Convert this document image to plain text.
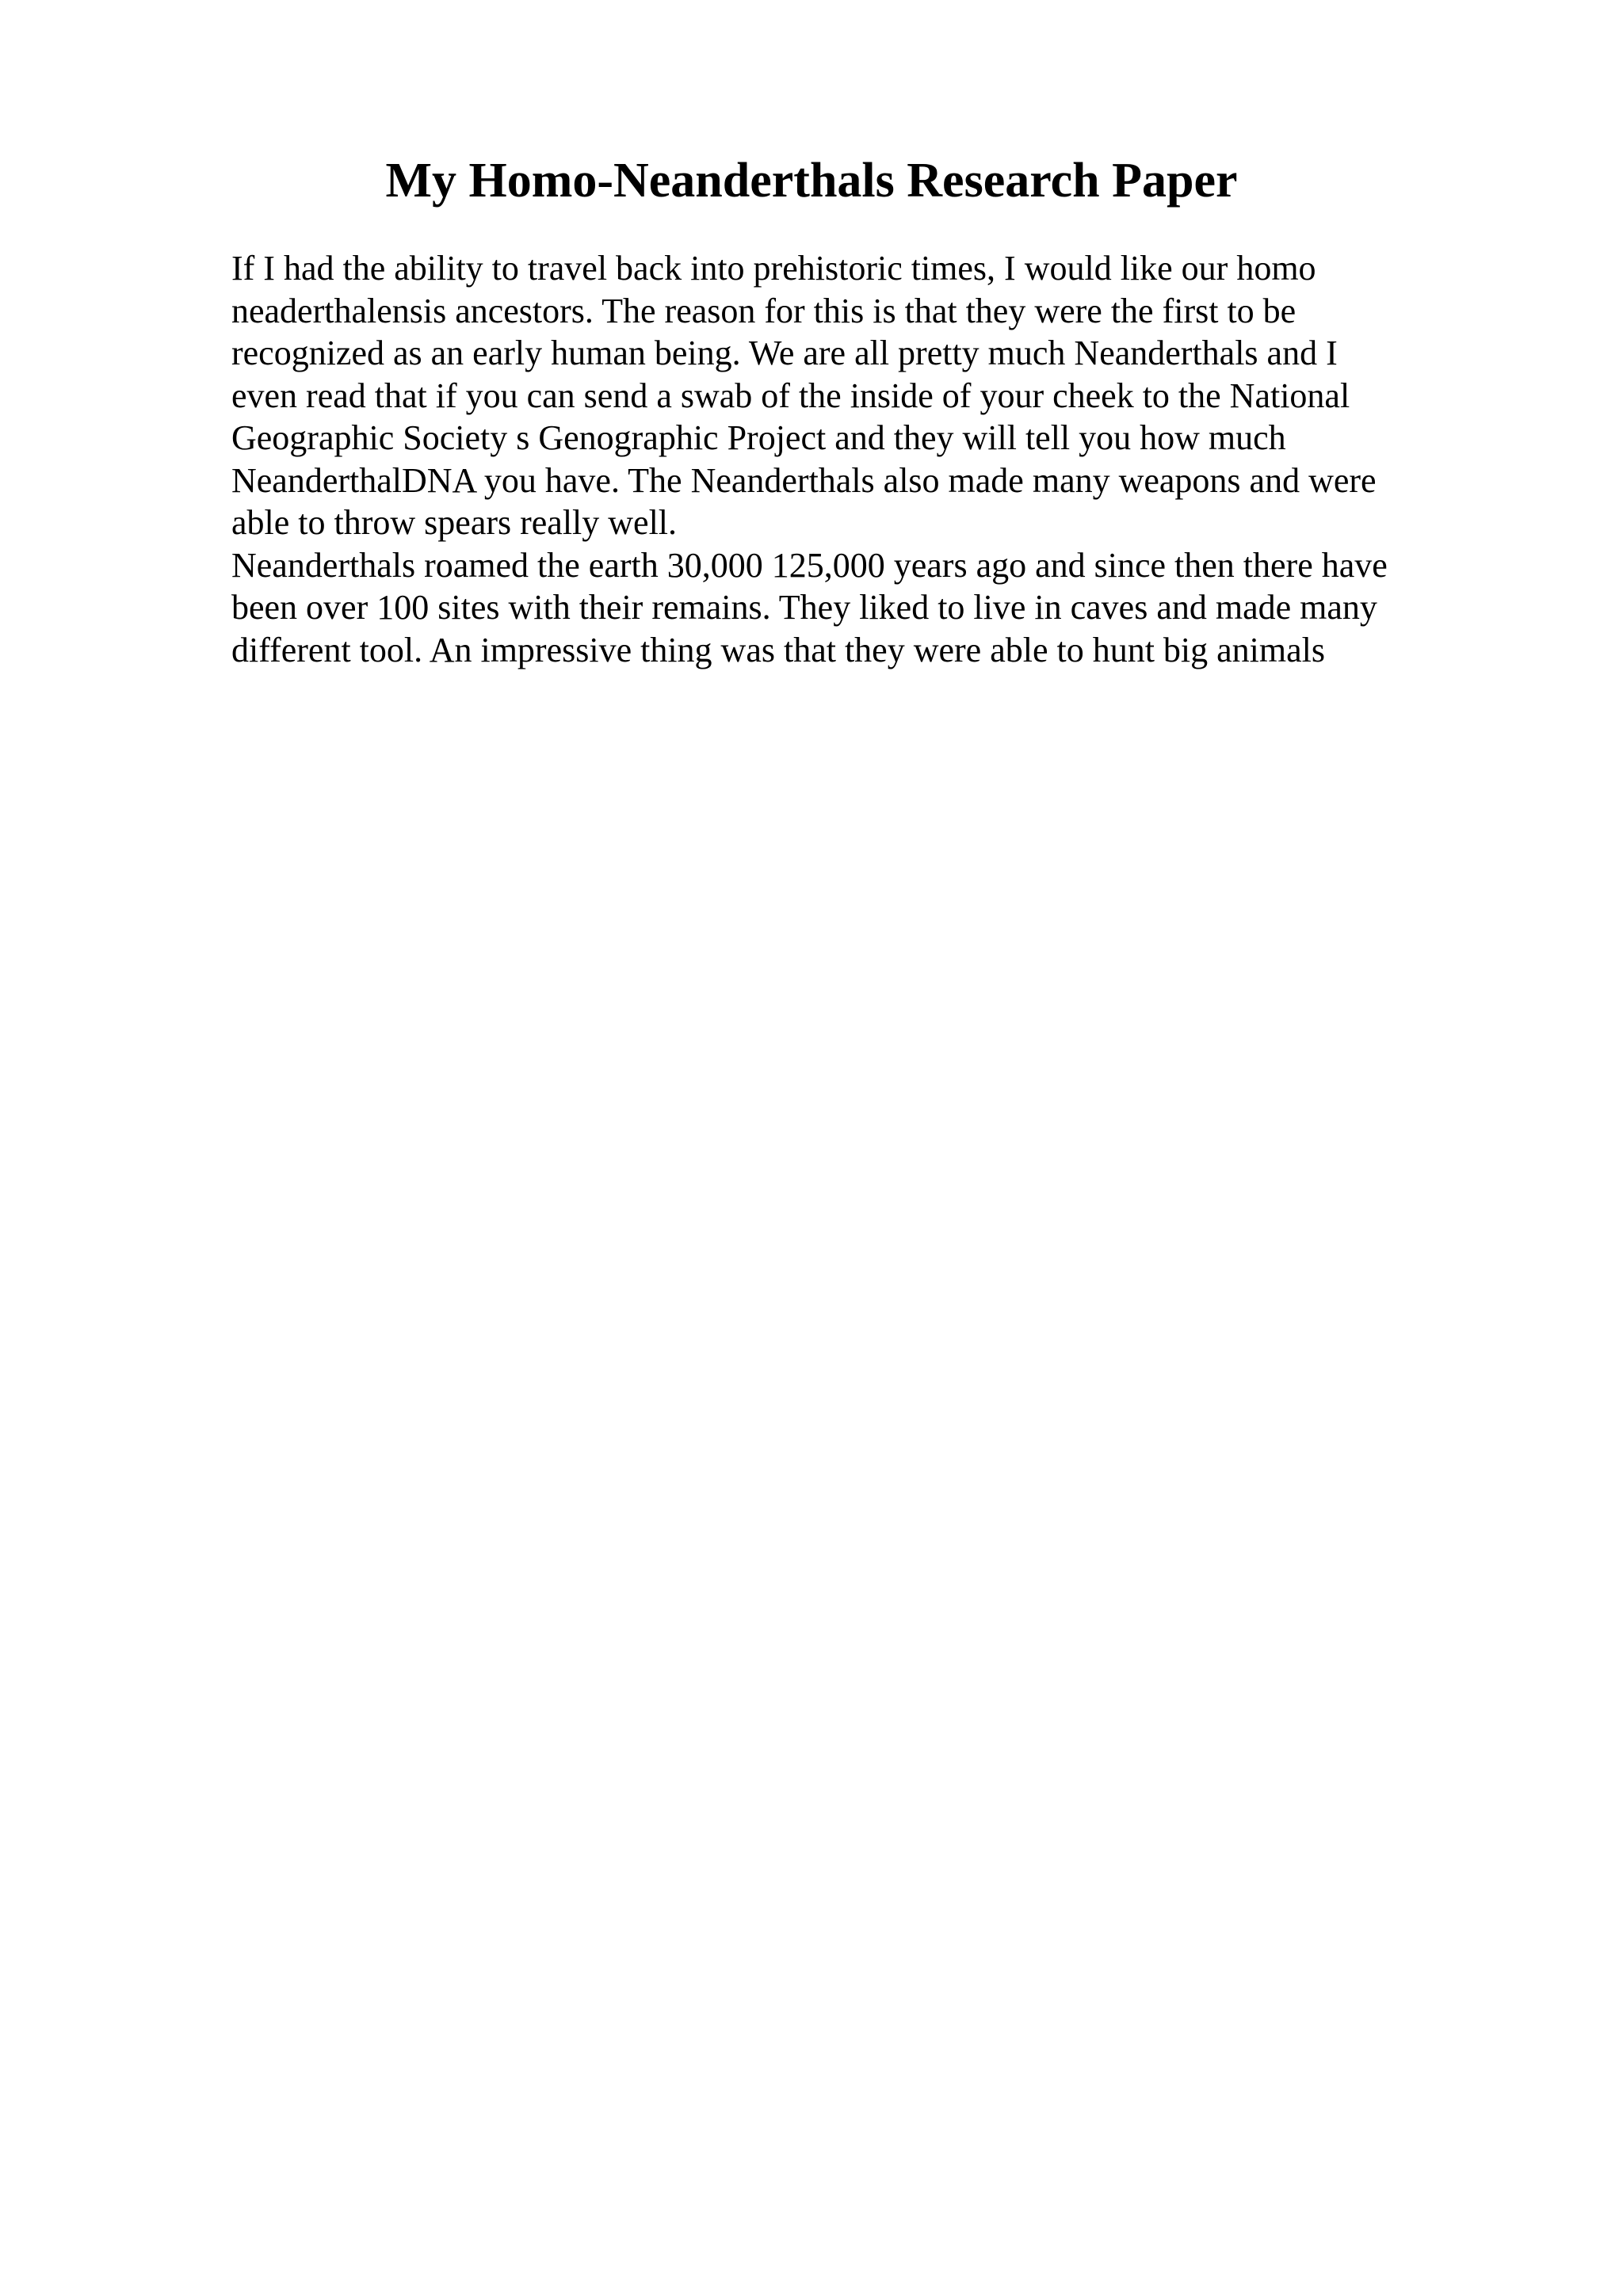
My Homo-Neanderthals Research Paper
If I had the ability to travel back into prehistoric times, I would like our homo
neaderthalensis ancestors. The reason for this is that they were the first to be
recognized as an early human being. We are all pretty much Neanderthals and I
even read that if you can send a swab of the inside of your cheek to the National
Geographic Society s Genographic Project and they will tell you how much
NeanderthalDNA you have. The Neanderthals also made many weapons and were
able to throw spears really well.
Neanderthals roamed the earth 30,000 125,000 years ago and since then there have
been over 100 sites with their remains. They liked to live in caves and made many
different tool. An impressive thing was that they were able to hunt big animals
